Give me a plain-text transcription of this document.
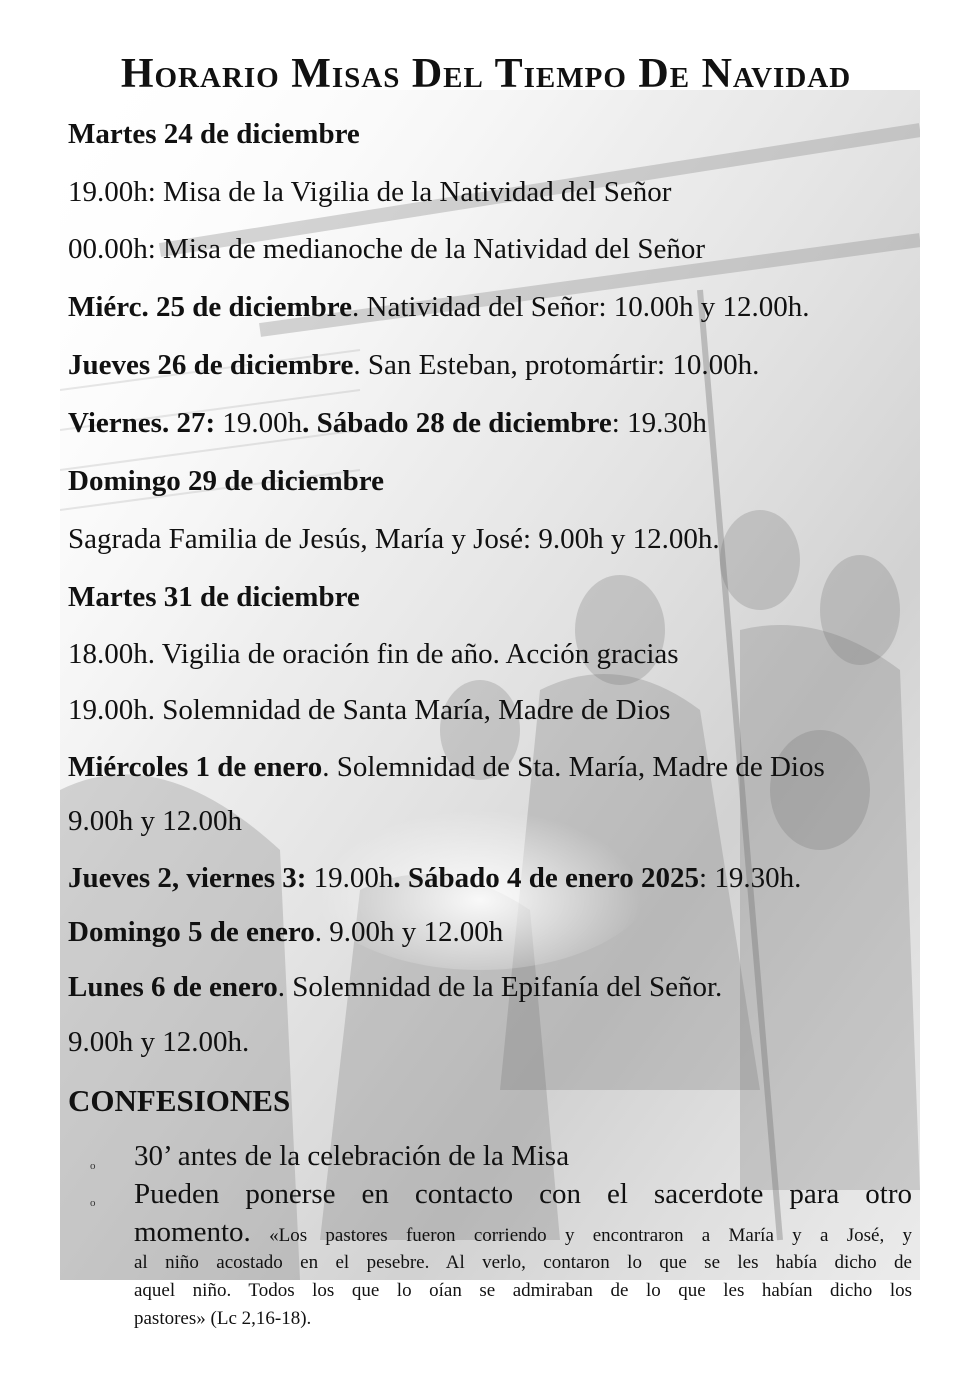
Horario Misas Del Tiempo De Navidad
Martes 24 de diciembre
19.00h: Misa de la Vigilia de la Natividad del Señor
00.00h: Misa de medianoche de la Natividad del Señor
Miérc. 25 de diciembre. Natividad del Señor: 10.00h y 12.00h.
Jueves 26 de diciembre. San Esteban, protomártir: 10.00h.
Viernes. 27: 19.00h. Sábado 28 de diciembre: 19.30h
Domingo 29 de diciembre
Sagrada Familia de Jesús, María y José: 9.00h y 12.00h.
Martes 31 de diciembre
18.00h. Vigilia de oración fin de año. Acción gracias
19.00h. Solemnidad de Santa María, Madre de Dios
Miércoles 1 de enero. Solemnidad de Sta. María, Madre de Dios
9.00h y 12.00h
Jueves 2, viernes 3: 19.00h. Sábado 4 de enero 2025: 19.30h.
Domingo 5 de enero. 9.00h y 12.00h
Lunes 6 de enero. Solemnidad de la Epifanía del Señor.
9.00h y 12.00h.
CONFESIONES
o 30’ antes de la celebración de la Misa
o Pueden ponerse en contacto con el sacerdote para otro
momento. «Los pastores fueron corriendo y encontraron a María y a José, y
al niño acostado en el pesebre. Al verlo, contaron lo que se les había dicho de
aquel niño. Todos los que lo oían se admiraban de lo que les habían dicho los
pastores» (Lc 2,16-18).
